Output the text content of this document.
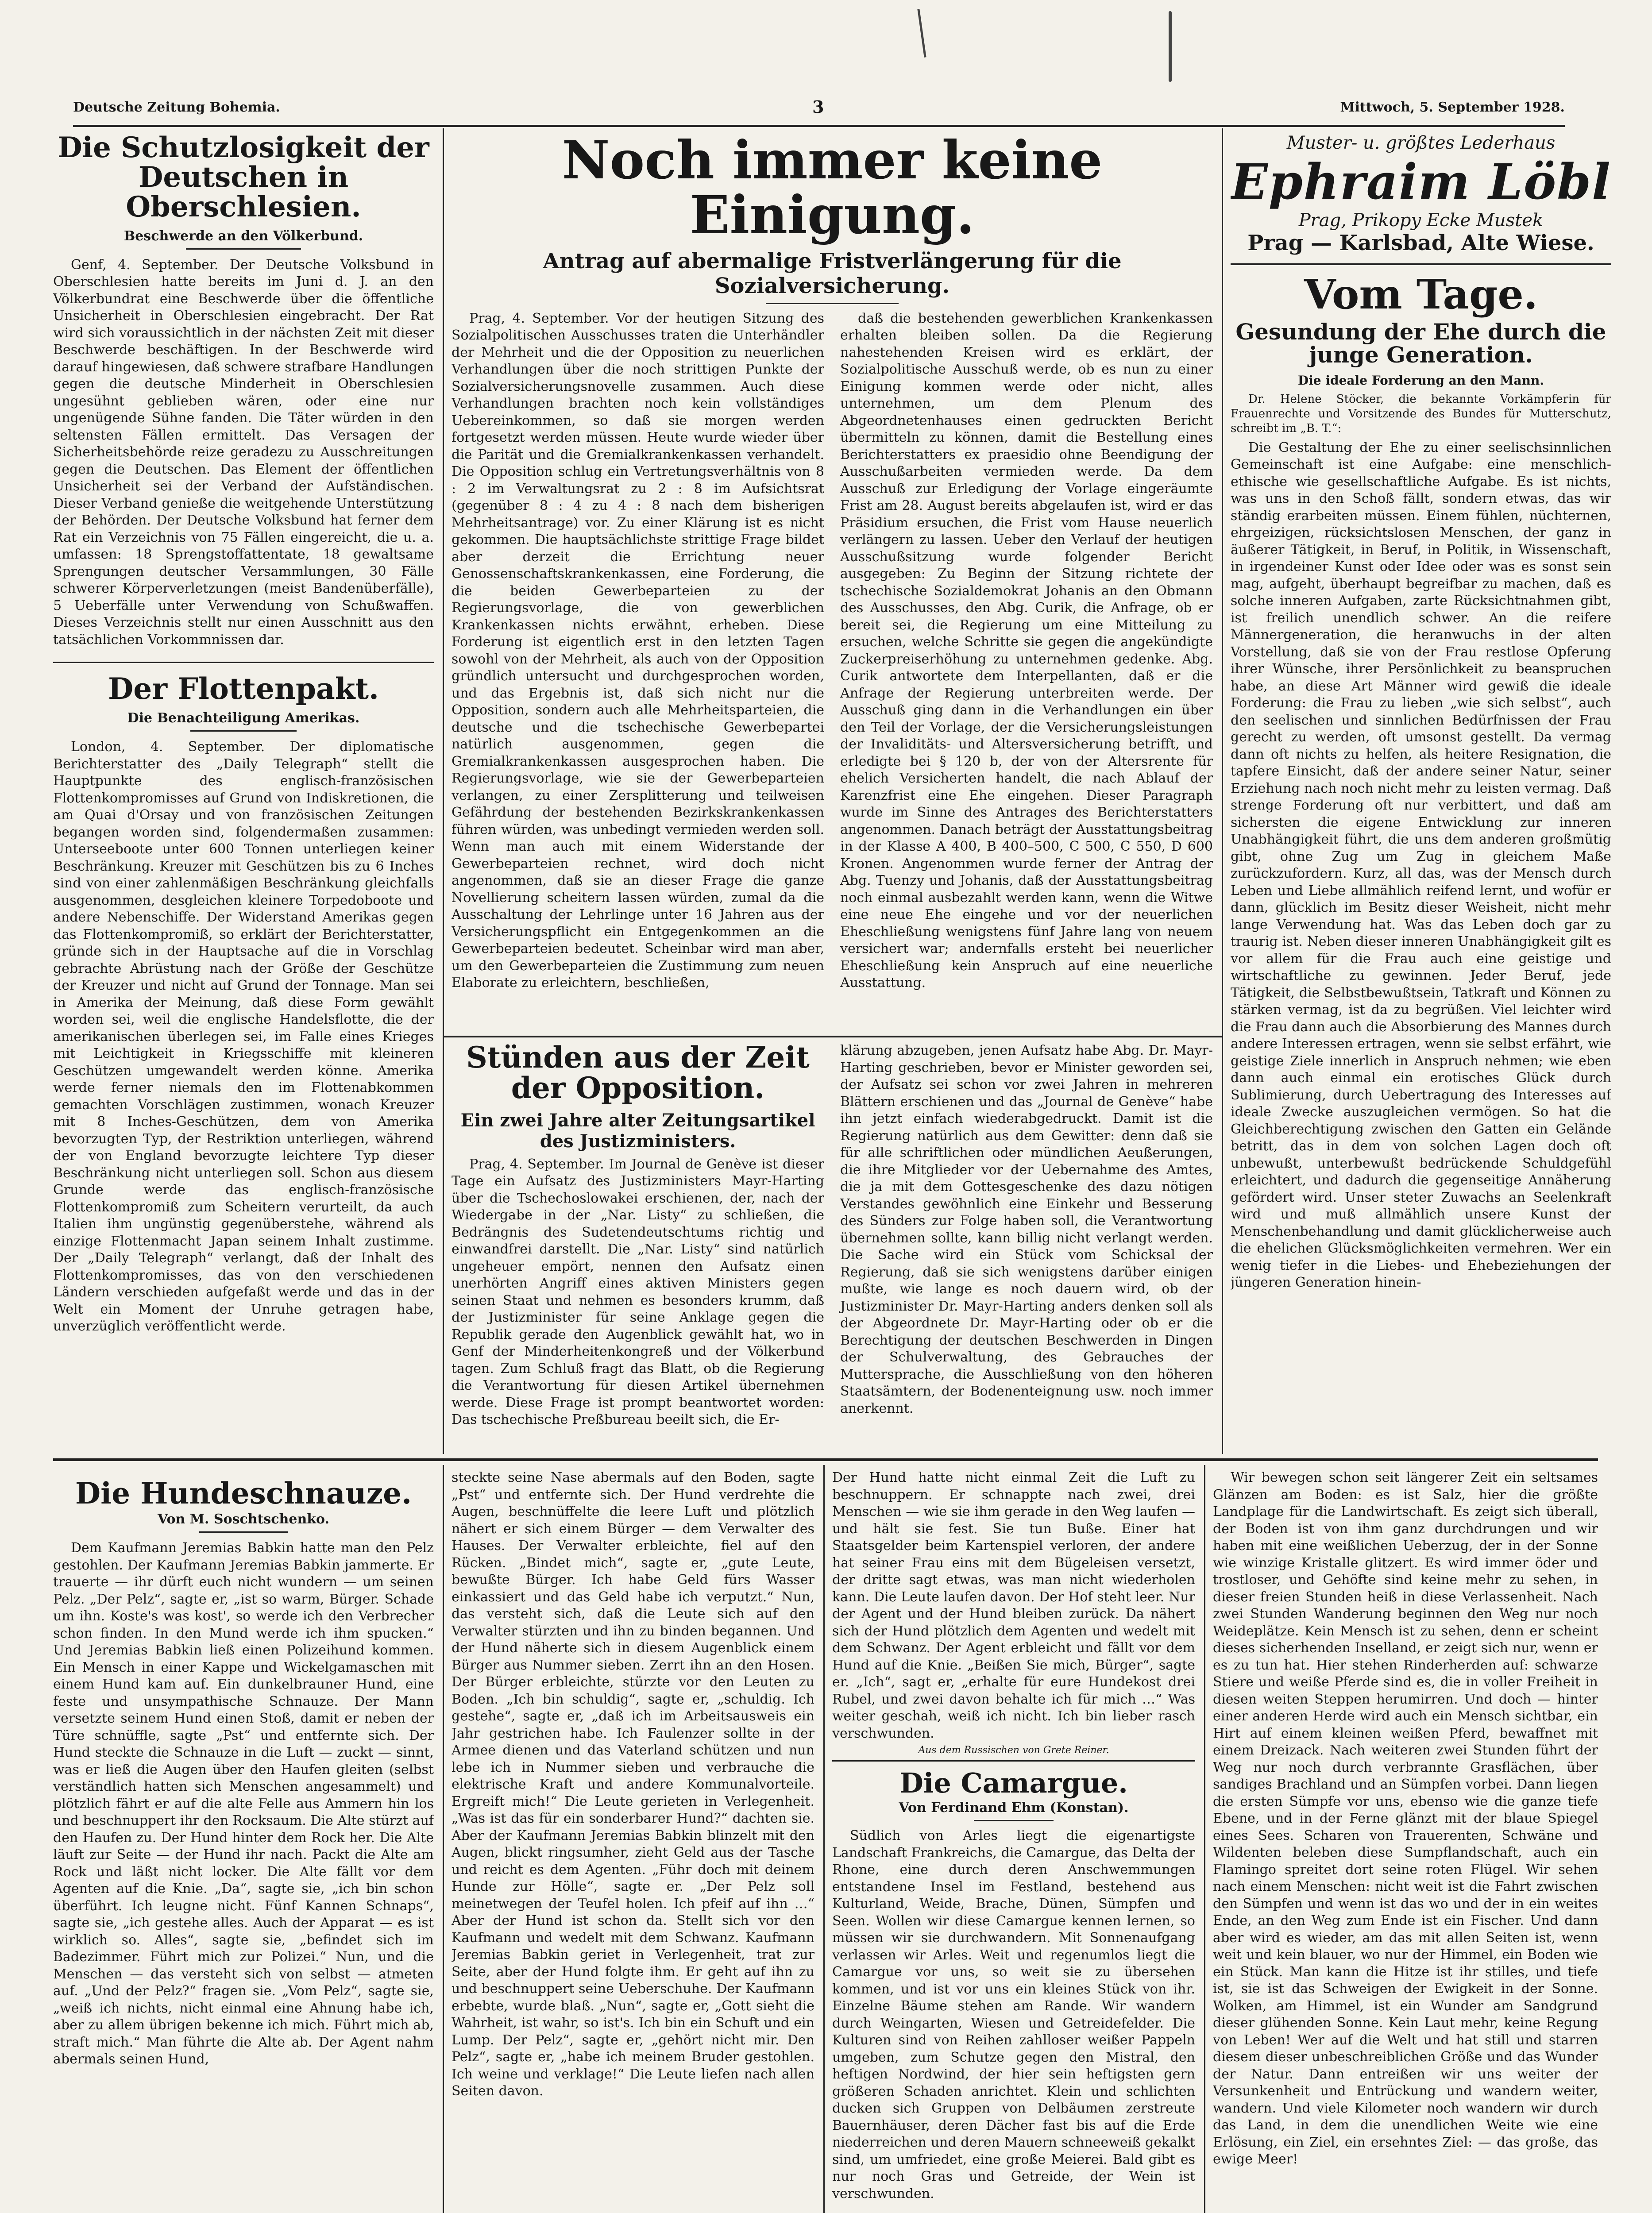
Deutsche Zeitung Bohemia.	3	Mittwoch, 5. September 1928.
Die Schutzlosigkeit der Deutschen in Oberschlesien.
Beschwerde an den Völkerbund.

Genf, 4. September. Der Deutsche Volksbund in Oberschlesien hatte bereits im Juni d. J. an den Völkerbundrat eine Beschwerde über die öffentliche Unsicherheit in Oberschlesien eingebracht. Der Rat wird sich voraussichtlich in der nächsten Zeit mit dieser Beschwerde beschäftigen. In der Beschwerde wird darauf hingewiesen, daß schwere strafbare Handlungen gegen die deutsche Minderheit in Oberschlesien ungesühnt geblieben wären, oder eine nur ungenügende Sühne fanden. Die Täter würden in den seltensten Fällen ermittelt. Das Versagen der Sicherheitsbehörde reize geradezu zu Ausschreitungen gegen die Deutschen. Das Element der öffentlichen Unsicherheit sei der Verband der Aufständischen. Dieser Verband genieße die weitgehende Unterstützung der Behörden. Der Deutsche Volksbund hat ferner dem Rat ein Verzeichnis von 75 Fällen eingereicht, die u. a. umfassen: 18 Sprengstoffattentate, 18 gewaltsame Sprengungen deutscher Versammlungen, 30 Fälle schwerer Körperverletzungen (meist Bandenüberfälle), 5 Ueberfälle unter Verwendung von Schußwaffen. Dieses Verzeichnis stellt nur einen Ausschnitt aus den tatsächlichen Vorkommnissen dar.

Der Flottenpakt.
Die Benachteiligung Amerikas.

London, 4. September. Der diplomatische Berichterstatter des „Daily Telegraph“ stellt die Hauptpunkte des englisch-französischen Flottenkompromisses auf Grund von Indiskretionen, die am Quai d'Orsay und von französischen Zeitungen begangen worden sind, folgendermaßen zusammen: Unterseeboote unter 600 Tonnen unterliegen keiner Beschränkung. Kreuzer mit Geschützen bis zu 6 Inches sind von einer zahlenmäßigen Beschränkung gleichfalls ausgenommen, desgleichen kleinere Torpedoboote und andere Nebenschiffe. Der Widerstand Amerikas gegen das Flottenkompromiß, so erklärt der Berichterstatter, gründe sich in der Hauptsache auf die in Vorschlag gebrachte Abrüstung nach der Größe der Geschütze der Kreuzer und nicht auf Grund der Tonnage. Man sei in Amerika der Meinung, daß diese Form gewählt worden sei, weil die englische Handelsflotte, die der amerikanischen überlegen sei, im Falle eines Krieges mit Leichtigkeit in Kriegsschiffe mit kleineren Geschützen umgewandelt werden könne. Amerika werde ferner niemals den im Flottenabkommen gemachten Vorschlägen zustimmen, wonach Kreuzer mit 8 Inches-Geschützen, dem von Amerika bevorzugten Typ, der Restriktion unterliegen, während der von England bevorzugte leichtere Typ dieser Beschränkung nicht unterliegen soll. Schon aus diesem Grunde werde das englisch-französische Flottenkompromiß zum Scheitern verurteilt, da auch Italien ihm ungünstig gegenüberstehe, während als einzige Flottenmacht Japan seinem Inhalt zustimme. Der „Daily Telegraph“ verlangt, daß der Inhalt des Flottenkompromisses, das von den verschiedenen Ländern verschieden aufgefaßt werde und das in der Welt ein Moment der Unruhe getragen habe, unverzüglich veröffentlicht werde.

Noch immer keine Einigung.
Antrag auf abermalige Fristverlängerung für die Sozialversicherung.

Prag, 4. September. Vor der heutigen Sitzung des Sozialpolitischen Ausschusses traten die Unterhändler der Mehrheit und die der Opposition zu neuerlichen Verhandlungen über die noch strittigen Punkte der Sozialversicherungsnovelle zusammen. Auch diese Verhandlungen brachten noch kein vollständiges Uebereinkommen, so daß sie morgen werden fortgesetzt werden müssen. Heute wurde wieder über die Parität und die Gremialkrankenkassen verhandelt. Die Opposition schlug ein Vertretungsverhältnis von 8 : 2 im Verwaltungsrat zu 2 : 8 im Aufsichtsrat (gegenüber 8 : 4 zu 4 : 8 nach dem bisherigen Mehrheitsantrage) vor. Zu einer Klärung ist es nicht gekommen. Die hauptsächlichste strittige Frage bildet aber derzeit die Errichtung neuer Genossenschaftskrankenkassen, eine Forderung, die die beiden Gewerbeparteien zu der Regierungsvorlage, die von gewerblichen Krankenkassen nichts erwähnt, erheben. Diese Forderung ist eigentlich erst in den letzten Tagen sowohl von der Mehrheit, als auch von der Opposition gründlich untersucht und durchgesprochen worden, und das Ergebnis ist, daß sich nicht nur die Opposition, sondern auch alle Mehrheitsparteien, die deutsche und die tschechische Gewerbepartei natürlich ausgenommen, gegen die Gremialkrankenkassen ausgesprochen haben. Die Regierungsvorlage, wie sie der Gewerbeparteien verlangen, zu einer Zersplitterung und teilweisen Gefährdung der bestehenden Bezirkskrankenkassen führen würden, was unbedingt vermieden werden soll. Wenn man auch mit einem Widerstande der Gewerbeparteien rechnet, wird doch nicht angenommen, daß sie an dieser Frage die ganze Novellierung scheitern lassen würden, zumal da die Ausschaltung der Lehrlinge unter 16 Jahren aus der Versicherungspflicht ein Entgegenkommen an die Gewerbeparteien bedeutet. Scheinbar wird man aber, um den Gewerbeparteien die Zustimmung zum neuen Elaborate zu erleichtern, beschließen,

daß die bestehenden gewerblichen Krankenkassen erhalten bleiben sollen. Da die Regierung nahestehenden Kreisen wird es erklärt, der Sozialpolitische Ausschuß werde, ob es nun zu einer Einigung kommen werde oder nicht, alles unternehmen, um dem Plenum des Abgeordnetenhauses einen gedruckten Bericht übermitteln zu können, damit die Bestellung eines Berichterstatters ex praesidio ohne Beendigung der Ausschußarbeiten vermieden werde. Da dem Ausschuß zur Erledigung der Vorlage eingeräumte Frist am 28. August bereits abgelaufen ist, wird er das Präsidium ersuchen, die Frist vom Hause neuerlich verlängern zu lassen. Ueber den Verlauf der heutigen Ausschußsitzung wurde folgender Bericht ausgegeben: Zu Beginn der Sitzung richtete der tschechische Sozialdemokrat Johanis an den Obmann des Ausschusses, den Abg. Curik, die Anfrage, ob er bereit sei, die Regierung um eine Mitteilung zu ersuchen, welche Schritte sie gegen die angekündigte Zuckerpreiserhöhung zu unternehmen gedenke. Abg. Curik antwortete dem Interpellanten, daß er die Anfrage der Regierung unterbreiten werde. Der Ausschuß ging dann in die Verhandlungen ein über den Teil der Vorlage, der die Versicherungsleistungen der Invaliditäts- und Altersversicherung betrifft, und erledigte bei § 120 b, der von der Altersrente für ehelich Versicherten handelt, die nach Ablauf der Karenzfrist eine Ehe eingehen. Dieser Paragraph wurde im Sinne des Antrages des Berichterstatters angenommen. Danach beträgt der Ausstattungsbeitrag in der Klasse A 400, B 400–500, C 500, C 550, D 600 Kronen. Angenommen wurde ferner der Antrag der Abg. Tuenzy und Johanis, daß der Ausstattungsbeitrag noch einmal ausbezahlt werden kann, wenn die Witwe eine neue Ehe eingehe und vor der neuerlichen Eheschließung wenigstens fünf Jahre lang von neuem versichert war; andernfalls ersteht bei neuerlicher Eheschließung kein Anspruch auf eine neuerliche Ausstattung.

Stünden aus der Zeit der Opposition.
Ein zwei Jahre alter Zeitungsartikel des Justizministers.

Prag, 4. September. Im Journal de Genève ist dieser Tage ein Aufsatz des Justizministers Mayr-Harting über die Tschechoslowakei erschienen, der, nach der Wiedergabe in der „Nar. Listy“ zu schließen, die Bedrängnis des Sudetendeutschtums richtig und einwandfrei darstellt. Die „Nar. Listy“ sind natürlich ungeheuer empört, nennen den Aufsatz einen unerhörten Angriff eines aktiven Ministers gegen seinen Staat und nehmen es besonders krumm, daß der Justizminister für seine Anklage gegen die Republik gerade den Augenblick gewählt hat, wo in Genf der Minderheitenkongreß und der Völkerbund tagen. Zum Schluß fragt das Blatt, ob die Regierung die Verantwortung für diesen Artikel übernehmen werde. Diese Frage ist prompt beantwortet worden: Das tschechische Preßbureau beeilt sich, die Er-

klärung abzugeben, jenen Aufsatz habe Abg. Dr. Mayr-Harting geschrieben, bevor er Minister geworden sei, der Aufsatz sei schon vor zwei Jahren in mehreren Blättern erschienen und das „Journal de Genève“ habe ihn jetzt einfach wiederabgedruckt. Damit ist die Regierung natürlich aus dem Gewitter: denn daß sie für alle schriftlichen oder mündlichen Aeußerungen, die ihre Mitglieder vor der Uebernahme des Amtes, die ja mit dem Gottesgeschenke des dazu nötigen Verstandes gewöhnlich eine Einkehr und Besserung des Sünders zur Folge haben soll, die Verantwortung übernehmen sollte, kann billig nicht verlangt werden. Die Sache wird ein Stück vom Schicksal der Regierung, daß sie sich wenigstens darüber einigen mußte, wie lange es noch dauern wird, ob der Justizminister Dr. Mayr-Harting anders denken soll als der Abgeordnete Dr. Mayr-Harting oder ob er die Berechtigung der deutschen Beschwerden in Dingen der Schulverwaltung, des Gebrauches der Muttersprache, die Ausschließung von den höheren Staatsämtern, der Bodenenteignung usw. noch immer anerkennt.

Muster- u. größtes Lederhaus
Ephraim Löbl
Prag, Prikopy Ecke Mustek
Prag — Karlsbad, Alte Wiese.
Vom Tage.
Gesundung der Ehe durch die junge Generation.
Die ideale Forderung an den Mann.

Dr. Helene Stöcker, die bekannte Vorkämpferin für Frauenrechte und Vorsitzende des Bundes für Mutterschutz, schreibt im „B. T.“:

Die Gestaltung der Ehe zu einer seelischsinnlichen Gemeinschaft ist eine Aufgabe: eine menschlich-ethische wie gesellschaftliche Aufgabe. Es ist nichts, was uns in den Schoß fällt, sondern etwas, das wir ständig erarbeiten müssen. Einem fühlen, nüchternen, ehrgeizigen, rücksichtslosen Menschen, der ganz in äußerer Tätigkeit, in Beruf, in Politik, in Wissenschaft, in irgendeiner Kunst oder Idee oder was es sonst sein mag, aufgeht, überhaupt begreifbar zu machen, daß es solche inneren Aufgaben, zarte Rücksichtnahmen gibt, ist freilich unendlich schwer. An die reifere Männergeneration, die heranwuchs in der alten Vorstellung, daß sie von der Frau restlose Opferung ihrer Wünsche, ihrer Persönlichkeit zu beanspruchen habe, an diese Art Männer wird gewiß die ideale Forderung: die Frau zu lieben „wie sich selbst“, auch den seelischen und sinnlichen Bedürfnissen der Frau gerecht zu werden, oft umsonst gestellt. Da vermag dann oft nichts zu helfen, als heitere Resignation, die tapfere Einsicht, daß der andere seiner Natur, seiner Erziehung nach noch nicht mehr zu leisten vermag. Daß strenge Forderung oft nur verbittert, und daß am sichersten die eigene Entwicklung zur inneren Unabhängigkeit führt, die uns dem anderen großmütig gibt, ohne Zug um Zug in gleichem Maße zurückzufordern. Kurz, all das, was der Mensch durch Leben und Liebe allmählich reifend lernt, und wofür er dann, glücklich im Besitz dieser Weisheit, nicht mehr lange Verwendung hat. Was das Leben doch gar zu traurig ist. Neben dieser inneren Unabhängigkeit gilt es vor allem für die Frau auch eine geistige und wirtschaftliche zu gewinnen. Jeder Beruf, jede Tätigkeit, die Selbstbewußtsein, Tatkraft und Können zu stärken vermag, ist da zu begrüßen. Viel leichter wird die Frau dann auch die Absorbierung des Mannes durch andere Interessen ertragen, wenn sie selbst erfährt, wie geistige Ziele innerlich in Anspruch nehmen; wie eben dann auch einmal ein erotisches Glück durch Sublimierung, durch Uebertragung des Interesses auf ideale Zwecke auszugleichen vermögen. So hat die Gleichberechtigung zwischen den Gatten ein Gelände betritt, das in dem von solchen Lagen doch oft unbewußt, unterbewußt bedrückende Schuldgefühl erleichtert, und dadurch die gegenseitige Annäherung gefördert wird. Unser steter Zuwachs an Seelenkraft wird und muß allmählich unsere Kunst der Menschenbehandlung und damit glücklicherweise auch die ehelichen Glücksmöglichkeiten vermehren. Wer ein wenig tiefer in die Liebes- und Ehebeziehungen der jüngeren Generation hinein-

Die Hundeschnauze.
Von M. Soschtschenko.

Dem Kaufmann Jeremias Babkin hatte man den Pelz gestohlen. Der Kaufmann Jeremias Babkin jammerte. Er trauerte — ihr dürft euch nicht wundern — um seinen Pelz. „Der Pelz“, sagte er, „ist so warm, Bürger. Schade um ihn. Koste's was kost', so werde ich den Verbrecher schon finden. In den Mund werde ich ihm spucken.“ Und Jeremias Babkin ließ einen Polizeihund kommen. Ein Mensch in einer Kappe und Wickelgamaschen mit einem Hund kam auf. Ein dunkelbrauner Hund, eine feste und unsympathische Schnauze. Der Mann versetzte seinem Hund einen Stoß, damit er neben der Türe schnüffle, sagte „Pst“ und entfernte sich. Der Hund steckte die Schnauze in die Luft — zuckt — sinnt, was er ließ die Augen über den Haufen gleiten (selbst verständlich hatten sich Menschen angesammelt) und plötzlich fährt er auf die alte Felle aus Ammern hin los und beschnuppert ihr den Rocksaum. Die Alte stürzt auf den Haufen zu. Der Hund hinter dem Rock her. Die Alte läuft zur Seite — der Hund ihr nach. Packt die Alte am Rock und läßt nicht locker. Die Alte fällt vor dem Agenten auf die Knie. „Da“, sagte sie, „ich bin schon überführt. Ich leugne nicht. Fünf Kannen Schnaps“, sagte sie, „ich gestehe alles. Auch der Apparat — es ist wirklich so. Alles“, sagte sie, „befindet sich im Badezimmer. Führt mich zur Polizei.“ Nun, und die Menschen — das versteht sich von selbst — atmeten auf. „Und der Pelz?“ fragen sie. „Vom Pelz“, sagte sie, „weiß ich nichts, nicht einmal eine Ahnung habe ich, aber zu allem übrigen bekenne ich mich. Führt mich ab, straft mich.“ Man führte die Alte ab. Der Agent nahm abermals seinen Hund,

steckte seine Nase abermals auf den Boden, sagte „Pst“ und entfernte sich. Der Hund verdrehte die Augen, beschnüffelte die leere Luft und plötzlich nähert er sich einem Bürger — dem Verwalter des Hauses. Der Verwalter erbleichte, fiel auf den Rücken. „Bindet mich“, sagte er, „gute Leute, bewußte Bürger. Ich habe Geld fürs Wasser einkassiert und das Geld habe ich verputzt.“ Nun, das versteht sich, daß die Leute sich auf den Verwalter stürzten und ihn zu binden begannen. Und der Hund näherte sich in diesem Augenblick einem Bürger aus Nummer sieben. Zerrt ihn an den Hosen. Der Bürger erbleichte, stürzte vor den Leuten zu Boden. „Ich bin schuldig“, sagte er, „schuldig. Ich gestehe“, sagte er, „daß ich im Arbeitsausweis ein Jahr gestrichen habe. Ich Faulenzer sollte in der Armee dienen und das Vaterland schützen und nun lebe ich in Nummer sieben und verbrauche die elektrische Kraft und andere Kommunalvorteile. Ergreift mich!“ Die Leute gerieten in Verlegenheit. „Was ist das für ein sonderbarer Hund?“ dachten sie. Aber der Kaufmann Jeremias Babkin blinzelt mit den Augen, blickt ringsumher, zieht Geld aus der Tasche und reicht es dem Agenten. „Führ doch mit deinem Hunde zur Hölle“, sagte er. „Der Pelz soll meinetwegen der Teufel holen. Ich pfeif auf ihn …“ Aber der Hund ist schon da. Stellt sich vor den Kaufmann und wedelt mit dem Schwanz. Kaufmann Jeremias Babkin geriet in Verlegenheit, trat zur Seite, aber der Hund folgte ihm. Er geht auf ihn zu und beschnuppert seine Ueberschuhe. Der Kaufmann erbebte, wurde blaß. „Nun“, sagte er, „Gott sieht die Wahrheit, ist wahr, so ist's. Ich bin ein Schuft und ein Lump. Der Pelz“, sagte er, „gehört nicht mir. Den Pelz“, sagte er, „habe ich meinem Bruder gestohlen. Ich weine und verklage!“ Die Leute liefen nach allen Seiten davon.

Der Hund hatte nicht einmal Zeit die Luft zu beschnuppern. Er schnappte nach zwei, drei Menschen — wie sie ihm gerade in den Weg laufen — und hält sie fest. Sie tun Buße. Einer hat Staatsgelder beim Kartenspiel verloren, der andere hat seiner Frau eins mit dem Bügeleisen versetzt, der dritte sagt etwas, was man nicht wiederholen kann. Die Leute laufen davon. Der Hof steht leer. Nur der Agent und der Hund bleiben zurück. Da nähert sich der Hund plötzlich dem Agenten und wedelt mit dem Schwanz. Der Agent erbleicht und fällt vor dem Hund auf die Knie. „Beißen Sie mich, Bürger“, sagte er. „Ich“, sagt er, „erhalte für eure Hundekost drei Rubel, und zwei davon behalte ich für mich …“ Was weiter geschah, weiß ich nicht. Ich bin lieber rasch verschwunden.

Aus dem Russischen von Grete Reiner.
Die Camargue.
Von Ferdinand Ehm (Konstan).

Südlich von Arles liegt die eigenartigste Landschaft Frankreichs, die Camargue, das Delta der Rhone, eine durch deren Anschwemmungen entstandene Insel im Festland, bestehend aus Kulturland, Weide, Brache, Dünen, Sümpfen und Seen. Wollen wir diese Camargue kennen lernen, so müssen wir sie durchwandern. Mit Sonnenaufgang verlassen wir Arles. Weit und regenumlos liegt die Camargue vor uns, so weit sie zu übersehen kommen, und ist vor uns ein kleines Stück von ihr. Einzelne Bäume stehen am Rande. Wir wandern durch Weingarten, Wiesen und Getreidefelder. Die Kulturen sind von Reihen zahlloser weißer Pappeln umgeben, zum Schutze gegen den Mistral, den heftigen Nordwind, der hier sein heftigsten gern größeren Schaden anrichtet. Klein und schlichten ducken sich Gruppen von Delbäumen zerstreute Bauernhäuser, deren Dächer fast bis auf die Erde niederreichen und deren Mauern schneeweiß gekalkt sind, um umfriedet, eine große Meierei. Bald gibt es nur noch Gras und Getreide, der Wein ist verschwunden.

Wir bewegen schon seit längerer Zeit ein seltsames Glänzen am Boden: es ist Salz, hier die größte Landplage für die Landwirtschaft. Es zeigt sich überall, der Boden ist von ihm ganz durchdrungen und wir haben mit eine weißlichen Ueberzug, der in der Sonne wie winzige Kristalle glitzert. Es wird immer öder und trostloser, und Gehöfte sind keine mehr zu sehen, in dieser freien Stunden heiß in diese Verlassenheit. Nach zwei Stunden Wanderung beginnen den Weg nur noch Weideplätze. Kein Mensch ist zu sehen, denn er scheint dieses sicherhenden Inselland, er zeigt sich nur, wenn er es zu tun hat. Hier stehen Rinderherden auf: schwarze Stiere und weiße Pferde sind es, die in voller Freiheit in diesen weiten Steppen herumirren. Und doch — hinter einer anderen Herde wird auch ein Mensch sichtbar, ein Hirt auf einem kleinen weißen Pferd, bewaffnet mit einem Dreizack. Nach weiteren zwei Stunden führt der Weg nur noch durch verbrannte Grasflächen, über sandiges Brachland und an Sümpfen vorbei. Dann liegen die ersten Sümpfe vor uns, ebenso wie die ganze tiefe Ebene, und in der Ferne glänzt mit der blaue Spiegel eines Sees. Scharen von Trauerenten, Schwäne und Wildenten beleben diese Sumpflandschaft, auch ein Flamingo spreitet dort seine roten Flügel. Wir sehen nach einem Menschen: nicht weit ist die Fahrt zwischen den Sümpfen und wenn ist das wo und der in ein weites Ende, an den Weg zum Ende ist ein Fischer. Und dann aber wird es wieder, am das mit allen Seiten ist, wenn weit und kein blauer, wo nur der Himmel, ein Boden wie ein Stück. Man kann die Hitze ist ihr stilles, und tiefe ist, sie ist das Schweigen der Ewigkeit in der Sonne. Wolken, am Himmel, ist ein Wunder am Sandgrund dieser glühenden Sonne. Kein Laut mehr, keine Regung von Leben! Wer auf die Welt und hat still und starren diesem dieser unbeschreiblichen Größe und das Wunder der Natur. Dann entreißen wir uns weiter der Versunkenheit und Entrückung und wandern weiter, wandern. Und viele Kilometer noch wandern wir durch das Land, in dem die unendlichen Weite wie eine Erlösung, ein Ziel, ein ersehntes Ziel: — das große, das ewige Meer!
